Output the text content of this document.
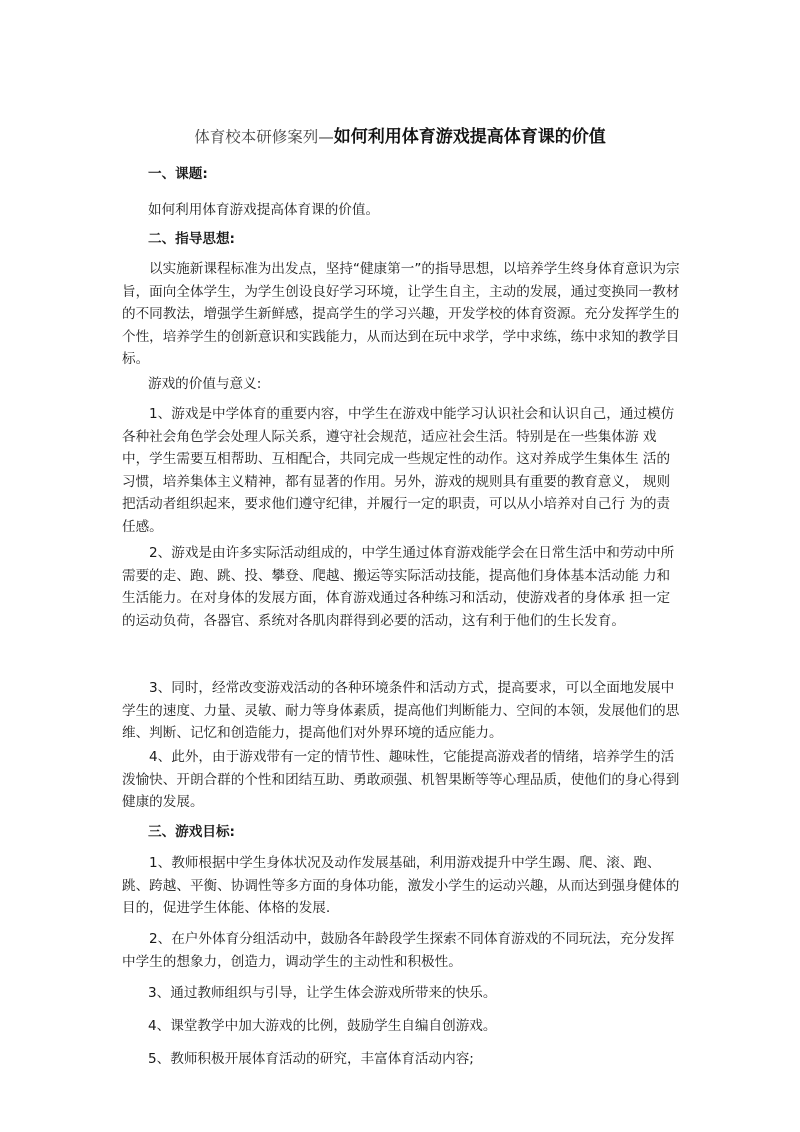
体育校本研修案列—如何利用体育游戏提高体育课的价值
一、课题:
如何利用体育游戏提高体育课的价值。
二、指导思想:

以实施新课程标准为出发点，坚持“健康第一”的指导思想，以培养学生终身体育意识为宗旨，面向全体学生，为学生创设良好学习环境，让学生自主，主动的发展，通过变换同一教材的不同教法，增强学生新鲜感，提高学生的学习兴趣，开发学校的体育资源。充分发挥学生的个性，培养学生的创新意识和实践能力，从而达到在玩中求学，学中求练，练中求知的教学目标。

游戏的价值与意义:

1、游戏是中学体育的重要内容，中学生在游戏中能学习认识社会和认识自己，通过模仿各种社会角色学会处理人际关系，遵守社会规范，适应社会生活。特别是在一些集体游 戏中，学生需要互相帮助、互相配合，共同完成一些规定性的动作。这对养成学生集体生 活的习惯，培养集体主义精神，都有显著的作用。另外，游戏的规则具有重要的教育意义， 规则把活动者组织起来，要求他们遵守纪律，并履行一定的职责，可以从小培养对自己行 为的责任感。

2、游戏是由许多实际活动组成的，中学生通过体育游戏能学会在日常生活中和劳动中所需要的走、跑、跳、投、攀登、爬越、搬运等实际活动技能，提高他们身体基本活动能 力和生活能力。在对身体的发展方面，体育游戏通过各种练习和活动，使游戏者的身体承 担一定的运动负荷，各器官、系统对各肌肉群得到必要的活动，这有利于他们的生长发育。

3、同时，经常改变游戏活动的各种环境条件和活动方式，提高要求，可以全面地发展中学生的速度、力量、灵敏、耐力等身体素质，提高他们判断能力、空间的本领，发展他们的思维、判断、记忆和创造能力，提高他们对外界环境的适应能力。

4、此外，由于游戏带有一定的情节性、趣味性，它能提高游戏者的情绪，培养学生的活泼愉快、开朗合群的个性和团结互助、勇敢顽强、机智果断等等心理品质，使他们的身心得到健康的发展。

三、游戏目标:

1、教师根据中学生身体状况及动作发展基础，利用游戏提升中学生踢、爬、滚、跑、跳、跨越、平衡、协调性等多方面的身体功能，激发小学生的运动兴趣，从而达到强身健体的目的，促进学生体能、体格的发展.

2、在户外体育分组活动中，鼓励各年龄段学生探索不同体育游戏的不同玩法，充分发挥中学生的想象力，创造力，调动学生的主动性和积极性。

3、通过教师组织与引导，让学生体会游戏所带来的快乐。
4、课堂教学中加大游戏的比例，鼓励学生自编自创游戏。
5、教师积极开展体育活动的研究，丰富体育活动内容;
